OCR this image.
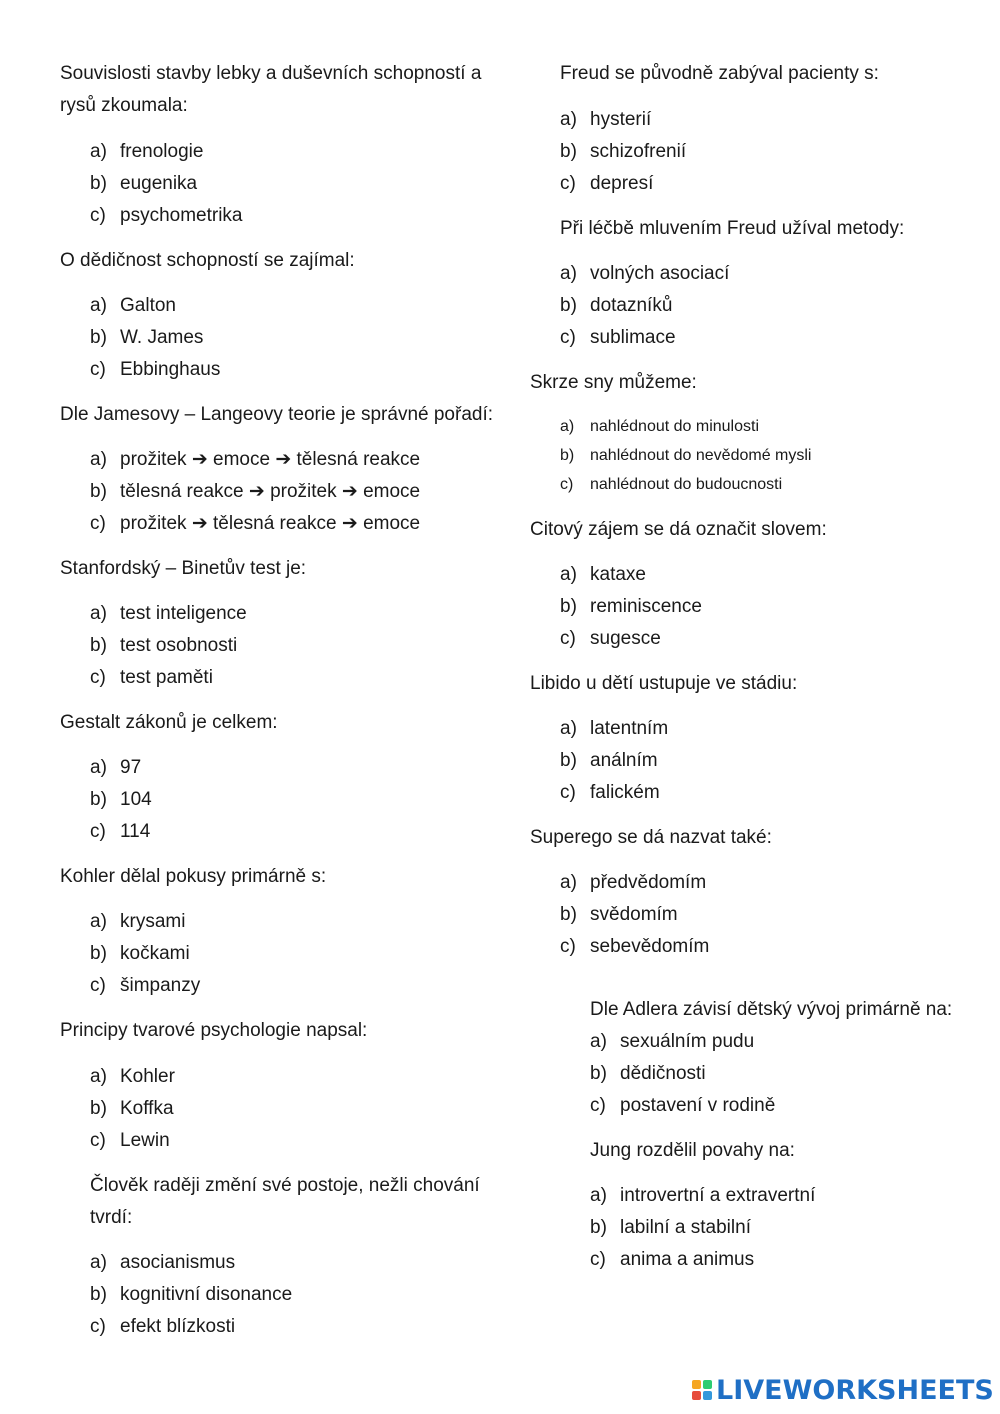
Souvislosti stavby lebky a duševních schopností a rysů zkoumala:
a) frenologie
b) eugenika
c) psychometrika
O dědičnost schopností se zajímal:
a) Galton
b) W. James
c) Ebbinghaus
Dle Jamesovy – Langeovy teorie je správné pořadí:
a) prožitek ➔ emoce ➔ tělesná reakce
b) tělesná reakce ➔ prožitek ➔ emoce
c) prožitek ➔ tělesná reakce ➔ emoce
Stanfordský – Binetův test je:
a) test inteligence
b) test osobnosti
c) test paměti
Gestalt zákonů je celkem:
a) 97
b) 104
c) 114
Kohler dělal pokusy primárně s:
a) krysami
b) kočkami
c) šimpanzy
Principy tvarové psychologie napsal:
a) Kohler
b) Koffka
c) Lewin
Člověk raději změní své postoje, nežli chování tvrdí:
a) asocianismus
b) kognitivní disonance
c) efekt blízkosti
Freud se původně zabýval pacienty s:
a) hysterií
b) schizofrenií
c) depresí
Při léčbě mluvením Freud užíval metody:
a) volných asociací
b) dotazníků
c) sublimace
Skrze sny můžeme:
a) nahlédnout do minulosti
b) nahlédnout do nevědomé mysli
c) nahlédnout do budoucnosti
Citový zájem se dá označit slovem:
a) kataxe
b) reminiscence
c) sugesce
Libido u dětí ustupuje ve stádiu:
a) latentním
b) análním
c) falickém
Superego se dá nazvat také:
a) předvědomím
b) svědomím
c) sebevědomím
Dle Adlera závisí dětský vývoj primárně na:
a) sexuálním pudu
b) dědičnosti
c) postavení v rodině
Jung rozdělil povahy na:
a) introvertní a extravertní
b) labilní a stabilní
c) anima a animus
LIVEWORKSHEETS
